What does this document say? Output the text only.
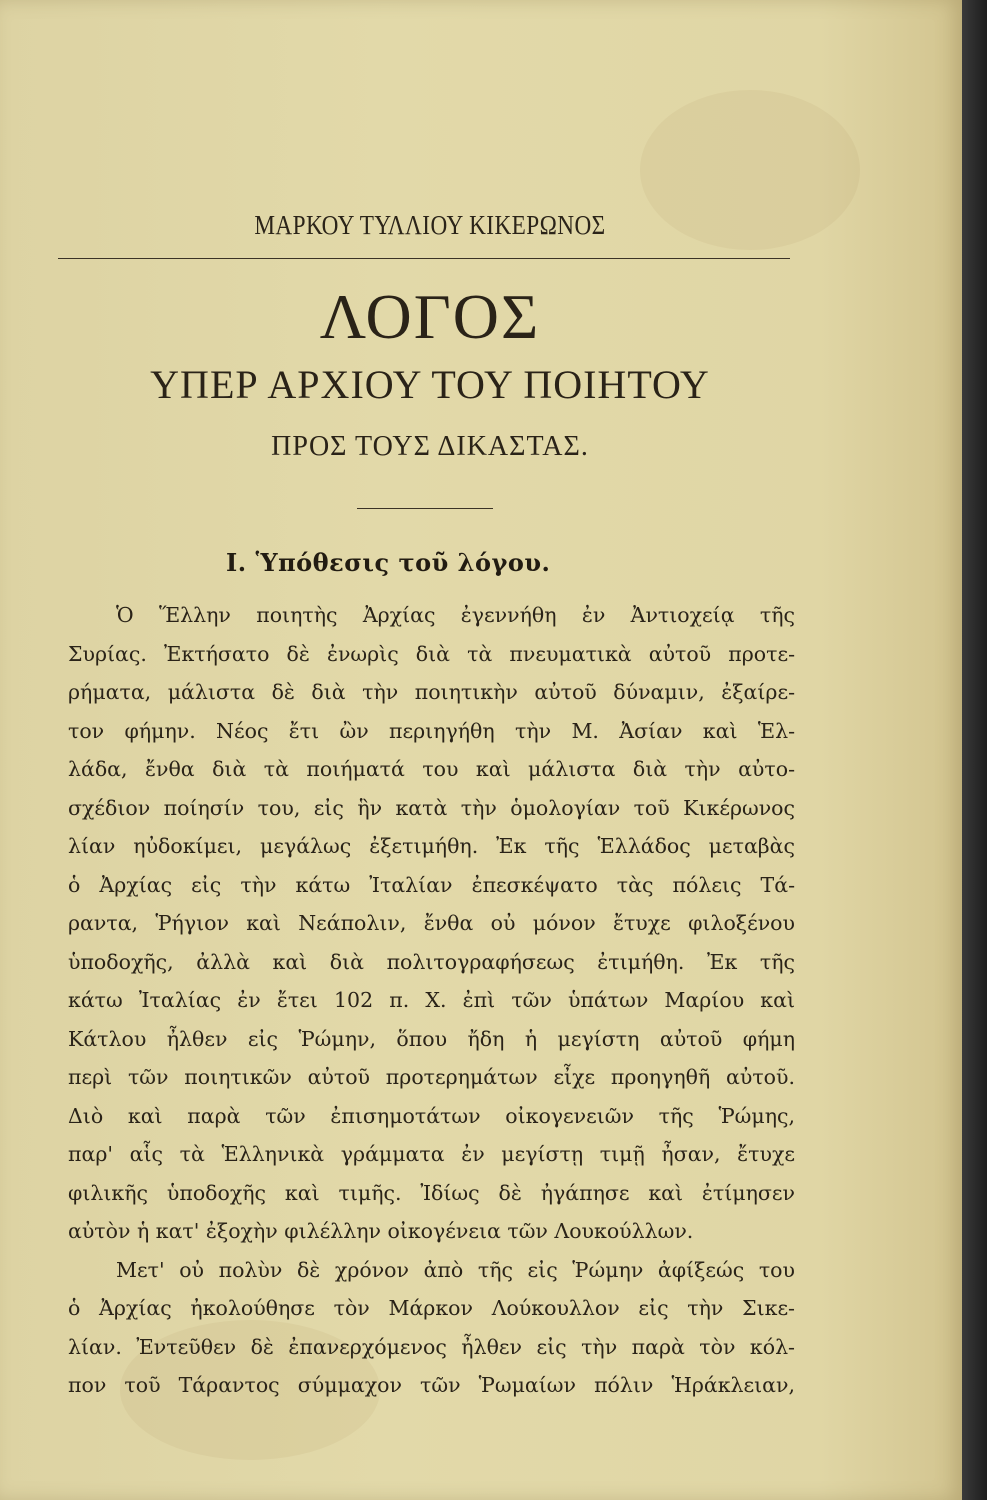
ΜΑΡΚΟΥ ΤΥΛΛΙΟΥ ΚΙΚΕΡΩΝΟΣ
ΛΟΓΟΣ
ΥΠΕΡ ΑΡΧΙΟΥ ΤΟΥ ΠΟΙΗΤΟΥ
ΠΡΟΣ ΤΟΥΣ ΔΙΚΑΣΤΑΣ.
I. Ὑπόθεσις τοῦ λόγου.
Ὁ Ἕλλην ποιητὴς Ἀρχίας ἐγεννήθη ἐν Ἀντιοχείᾳ τῆς
Συρίας. Ἐκτήσατο δὲ ἐνωρὶς διὰ τὰ πνευματικὰ αὐτοῦ προτε-
ρήματα, μάλιστα δὲ διὰ τὴν ποιητικὴν αὐτοῦ δύναμιν, ἐξαίρε-
τον φήμην. Νέος ἔτι ὢν περιηγήθη τὴν Μ. Ἀσίαν καὶ Ἑλ-
λάδα, ἔνθα διὰ τὰ ποιήματά του καὶ μάλιστα διὰ τὴν αὐτο-
σχέδιον ποίησίν του, εἰς ἣν κατὰ τὴν ὁμολογίαν τοῦ Κικέρωνος
λίαν ηὐδοκίμει, μεγάλως ἐξετιμήθη. Ἐκ τῆς Ἑλλάδος μεταβὰς
ὁ Ἀρχίας εἰς τὴν κάτω Ἰταλίαν ἐπεσκέψατο τὰς πόλεις Τά-
ραντα, Ῥήγιον καὶ Νεάπολιν, ἔνθα οὐ μόνον ἔτυχε φιλοξένου
ὑποδοχῆς, ἀλλὰ καὶ διὰ πολιτογραφήσεως ἐτιμήθη. Ἐκ τῆς
κάτω Ἰταλίας ἐν ἔτει 102 π. Χ. ἐπὶ τῶν ὑπάτων Μαρίου καὶ
Κάτλου ἦλθεν εἰς Ῥώμην, ὅπου ἤδη ἡ μεγίστη αὐτοῦ φήμη
περὶ τῶν ποιητικῶν αὐτοῦ προτερημάτων εἶχε προηγηθῆ αὐτοῦ.
Διὸ καὶ παρὰ τῶν ἐπισημοτάτων οἰκογενειῶν τῆς Ῥώμης,
παρ' αἷς τὰ Ἑλληνικὰ γράμματα ἐν μεγίστῃ τιμῇ ἦσαν, ἔτυχε
φιλικῆς ὑποδοχῆς καὶ τιμῆς. Ἰδίως δὲ ἠγάπησε καὶ ἐτίμησεν
αὐτὸν ἡ κατ' ἐξοχὴν φιλέλλην οἰκογένεια τῶν Λουκούλλων.
Μετ' οὐ πολὺν δὲ χρόνον ἀπὸ τῆς εἰς Ῥώμην ἀφίξεώς του
ὁ Ἀρχίας ἠκολούθησε τὸν Μάρκον Λούκουλλον εἰς τὴν Σικε-
λίαν. Ἐντεῦθεν δὲ ἐπανερχόμενος ἦλθεν εἰς τὴν παρὰ τὸν κόλ-
πον τοῦ Τάραντος σύμμαχον τῶν Ῥωμαίων πόλιν Ἡράκλειαν,
